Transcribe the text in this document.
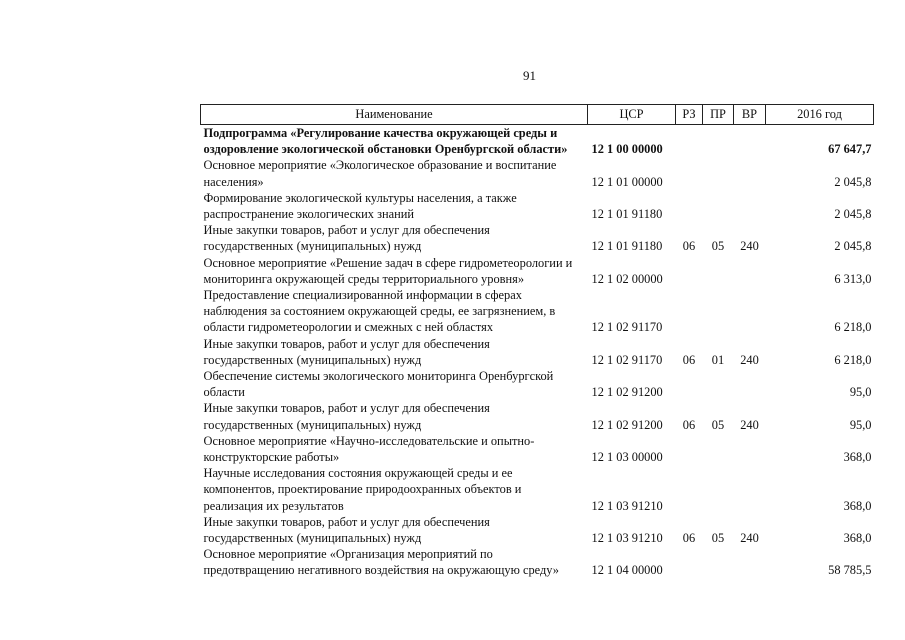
91
Наименование	ЦСР	РЗ	ПР	ВР	2016 год
Подпрограмма «Регулирование качества окружающей среды и оздоровление экологической обстановки Оренбургской области»	12 1 00 00000				67 647,7
Основное мероприятие «Экологическое образование и воспитание населения»	12 1 01 00000				2 045,8
Формирование экологической культуры населения, а также распространение экологических знаний	12 1 01 91180				2 045,8
Иные закупки товаров, работ и услуг для обеспечения государственных (муниципальных) нужд	12 1 01 91180	06	05	240	2 045,8
Основное мероприятие «Решение задач в сфере гидрометеорологии и мониторинга окружающей среды территориального уровня»	12 1 02 00000				6 313,0
Предоставление специализированной информации в сферах наблюдения за состоянием окружающей среды, ее загрязнением, в области гидрометеорологии и смежных с ней областях	12 1 02 91170				6 218,0
Иные закупки товаров, работ и услуг для обеспечения государственных (муниципальных) нужд	12 1 02 91170	06	01	240	6 218,0
Обеспечение системы экологического мониторинга Оренбургской области	12 1 02 91200				95,0
Иные закупки товаров, работ и услуг для обеспечения государственных (муниципальных) нужд	12 1 02 91200	06	05	240	95,0
Основное мероприятие «Научно-исследовательские и опытно-конструкторские работы»	12 1 03 00000				368,0
Научные исследования состояния окружающей среды и ее компонентов, проектирование природоохранных объектов и реализация их результатов	12 1 03 91210				368,0
Иные закупки товаров, работ и услуг для обеспечения государственных (муниципальных) нужд	12 1 03 91210	06	05	240	368,0
Основное мероприятие «Организация мероприятий по предотвращению негативного воздействия на окружающую среду»	12 1 04 00000				58 785,5
